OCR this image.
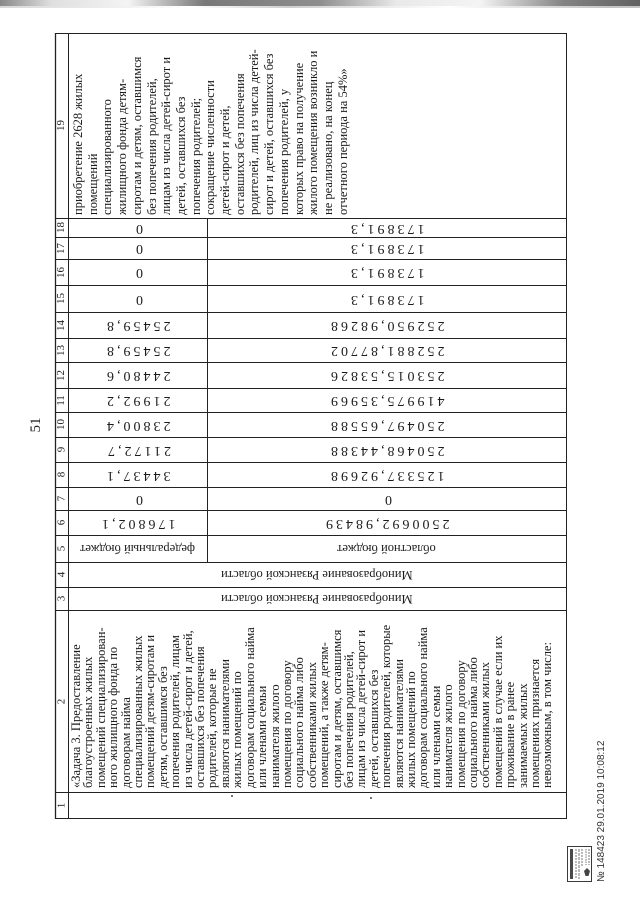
51
1
2
3
4
5
6
7
8
9
10
11
12
13
14
15
16
17
18
19
«Задача 3. Предоставление
благоустроенных жилых
помещений специализирован-
ного жилищного фонда по
договорам найма
специализированных жилых
помещений детям-сиротам и
детям, оставшимся без
попечения родителей, лицам
из числа детей-сирот и детей,
оставшихся без попечения
родителей, которые не
являются нанимателями
жилых помещений по
договорам социального найма
или членами семьи
нанимателя жилого
помещения по договору
социального найма либо
собственниками жилых
помещений, а также детям-
сиротам и детям, оставшимся
без попечения родителей,
лицам из числа детей-сирот и
детей, оставшихся без
попечения родителей, которые
являются нанимателями
жилых помещений по
договорам социального найма
или членами семьи
нанимателя жилого
помещения по договору
социального найма либо
собственниками жилых
помещений в случае если их
проживание в ранее
занимаемых жилых
помещениях признается
невозможным, в том числе:
Минобразование Рязанской области
Минобразование Рязанской области
федеральный бюджет	областной бюджет
176802,1
0
34437,1
21172,7
23800,4
21992,2
24480,6
25459,8
25459,8
0
0
0
0
2500692,98439
0
125337,92698
250468,44388
250497,65588
419975,35969
253015,53826
252881,87702
252950,98268
173891,3
173891,3
173891,3
173891,3
приобретение 2628 жилых помещений специализированного жилищного фонда детям- сиротам и детям, оставшимся без попечения родителей, лицам из числа детей-сирот и детей, оставшихся без попечения родителей; сокращение численности детей-сирот и детей, оставшихся без попечения родителей, лиц из числа детей- сирот и детей, оставшихся без попечения родителей, у которых право на получение жилого помещения возникло и не реализовано, на конец отчетного периода на 54%»
№ 148423 29.01.2019 10:08:12
